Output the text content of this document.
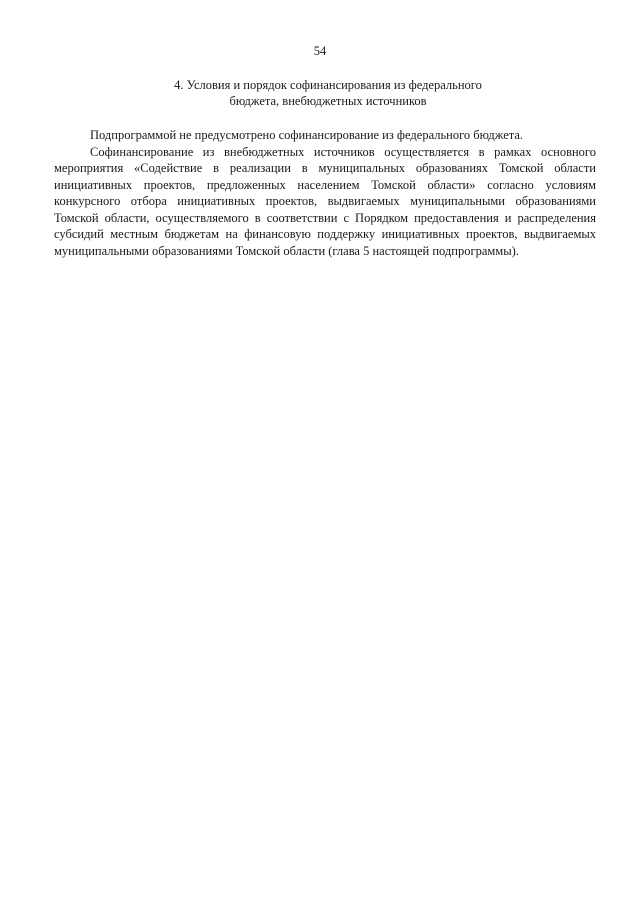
54
4. Условия и порядок софинансирования из федерального
бюджета, внебюджетных источников

Подпрограммой не предусмотрено софинансирование из федерального бюджета.

Софинансирование из внебюджетных источников осуществляется в рамках основного мероприятия «Содействие в реализации в муниципальных образованиях Томской области инициативных проектов, предложенных населением Томской области» согласно условиям конкурсного отбора инициативных проектов, выдвигаемых муниципальными образованиями Томской области, осуществляемого в соответствии с Порядком предоставления и распределения субсидий местным бюджетам на финансовую поддержку инициативных проектов, выдвигаемых муниципальными образованиями Томской области (глава 5 настоящей подпрограммы).
